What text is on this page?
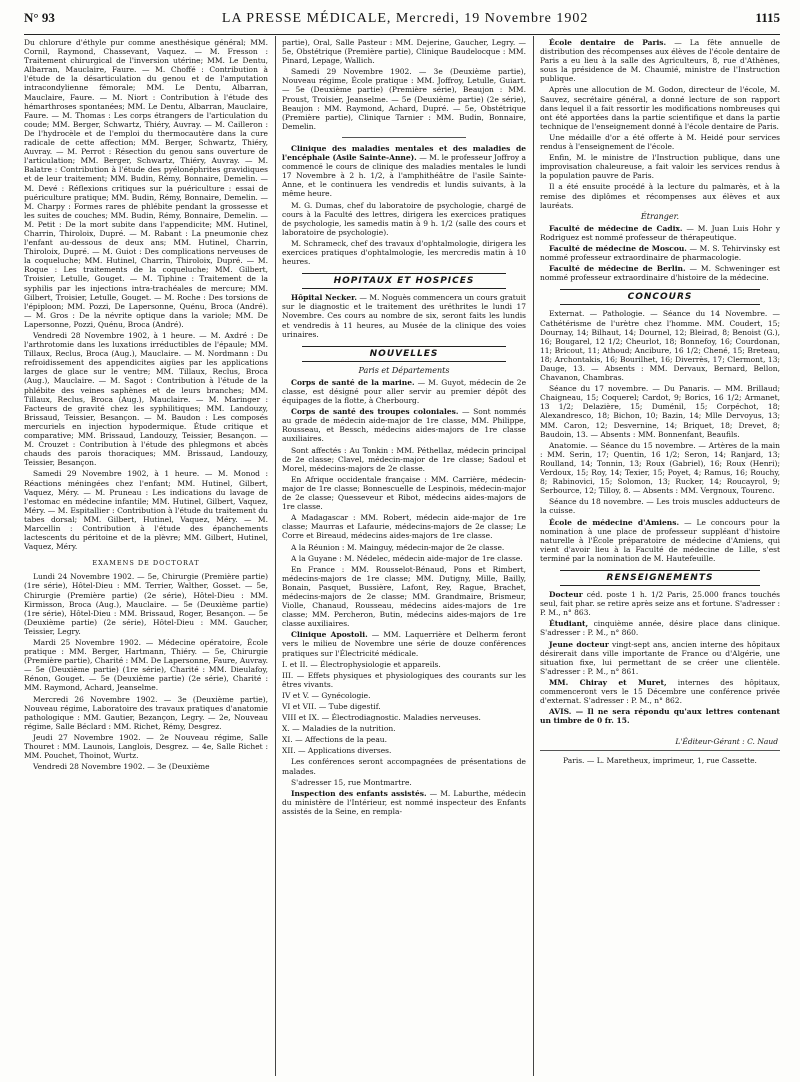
N° 93	LA PRESSE MÉDICALE, Mercredi, 19 Novembre 1902	1115

Du chlorure d'éthyle pur comme anesthésique général; MM. Cornil, Raymond, Chassevant, Vaquez. — M. Fresson : Traitement chirurgical de l'inversion utérine; MM. Le Dentu, Albarran, Mauclaire, Faure. — M. Choffé : Contribution à l'étude de la désarticulation du genou et de l'amputation intracondylienne fémorale; MM. Le Dentu, Albarran, Mauclaire, Faure. — M. Niort : Contribution à l'étude des hémarthroses spontanées; MM. Le Dentu, Albarran, Mauclaire, Faure. — M. Thomas : Les corps étrangers de l'articulation du coude; MM. Berger, Schwartz, Thiéry, Auvray. — M. Cailleron : De l'hydrocèle et de l'emploi du thermocautère dans la cure radicale de cette affection; MM. Berger, Schwartz, Thiéry, Auvray. — M. Perrot : Résection du genou sans ouverture de l'articulation; MM. Berger, Schwartz, Thiéry, Auvray. — M. Balatre : Contribution à l'étude des pyélonéphrites gravidiques et de leur traitement; MM. Budin, Rémy, Bonnaire, Demelin. — M. Devé : Réflexions critiques sur la puériculture : essai de puériculture pratique; MM. Budin, Rémy, Bonnaire, Demelin. — M. Charpy : Formes rares de phlébite pendant la grossesse et les suites de couches; MM. Budin, Rémy, Bonnaire, Demelin. — M. Petit : De la mort subite dans l'appendicite; MM. Hutinel, Charrin, Thiroloix, Dupré. — M. Rabant : La pneumonie chez l'enfant au-dessous de deux ans; MM. Hutinel, Charrin, Thiroloix, Dupré. — M. Guiot : Des complications nerveuses de la coqueluche; MM. Hutinel, Charrin, Thiroloix, Dupré. — M. Roque : Les traitements de la coqueluche; MM. Gilbert, Troisier, Letulle, Gouget. — M. Tiphine : Traitement de la syphilis par les injections intra-trachéales de mercure; MM. Gilbert, Troisier, Letulle, Gouget. — M. Roche : Des torsions de l'épiploon; MM. Pozzi, De Lapersonne, Quénu, Broca (André). — M. Gros : De la névrite optique dans la variole; MM. De Lapersonne, Pozzi, Quénu, Broca (André).

Vendredi 28 Novembre 1902, à 1 heure. — M. Axdré : De l'arthrotomie dans les luxations irréductibles de l'épaule; MM. Tillaux, Reclus, Broca (Aug.), Mauclaire. — M. Nordmann : Du refroidissement des appendicites aigües par les applications larges de glace sur le ventre; MM. Tillaux, Reclus, Broca (Aug.), Mauclaire. — M. Sagot : Contribution à l'étude de la phlébite des veines saphènes et de leurs branches; MM. Tillaux, Reclus, Broca (Aug.), Mauclaire. — M. Maringer : Facteurs de gravité chez les syphilitiques; MM. Landouzy, Brissaud, Teissier, Besançon. — M. Baudon : Les composés mercuriels en injection hypodermique. Étude critique et comparative; MM. Brissaud, Landouzy, Teissier, Besançon. — M. Crouzet : Contribution à l'étude des phlegmons et abcès chauds des parois thoraciques; MM. Brissaud, Landouzy, Teissier, Besançon.

Samedi 29 Novembre 1902, à 1 heure. — M. Monod : Réactions méningées chez l'enfant; MM. Hutinel, Gilbert, Vaquez, Méry. — M. Pruneau : Les indications du lavage de l'estomac en médecine infantile; MM. Hutinel, Gilbert, Vaquez, Méry. — M. Espitallier : Contribution à l'étude du traitement du tabes dorsal; MM. Gilbert, Hutinel, Vaquez, Méry. — M. Marcellin : Contribution à l'étude des épanchements lactescents du péritoine et de la plèvre; MM. Gilbert, Hutinel, Vaquez, Méry.

EXAMENS DE DOCTORAT

Lundi 24 Novembre 1902. — 5e, Chirurgie (Première partie) (1re série), Hôtel-Dieu : MM. Terrier, Walther, Gosset. — 5e, Chirurgie (Première partie) (2e série), Hôtel-Dieu : MM. Kirmisson, Broca (Aug.), Mauclaire. — 5e (Deuxième partie) (1re série), Hôtel-Dieu : MM. Brissaud, Roger, Besançon. — 5e (Deuxième partie) (2e série), Hôtel-Dieu : MM. Gaucher, Teissier, Legry.

Mardi 25 Novembre 1902. — Médecine opératoire, École pratique : MM. Berger, Hartmann, Thiéry. — 5e, Chirurgie (Première partie), Charité : MM. De Lapersonne, Faure, Auvray. — 5e (Deuxième partie) (1re série), Charité : MM. Dieulafoy, Rénon, Gouget. — 5e (Deuxième partie) (2e série), Charité : MM. Raymond, Achard, Jeanselme.

Mercredi 26 Novembre 1902. — 3e (Deuxième partie), Nouveau régime, Laboratoire des travaux pratiques d'anatomie pathologique : MM. Gautier, Bezançon, Legry. — 2e, Nouveau régime, Salle Béclard : MM. Richet, Rémy, Desgrez.

Jeudi 27 Novembre 1902. — 2e Nouveau régime, Salle Thouret : MM. Launois, Langlois, Desgrez. — 4e, Salle Richet : MM. Pouchet, Thoinot, Wurtz.

Vendredi 28 Novembre 1902. — 3e (Deuxième

partie), Oral, Salle Pasteur : MM. Dejerine, Gaucher, Legry. — 5e, Obstétrique (Première partie), Clinique Baudelocque : MM. Pinard, Lepage, Wallich.

Samedi 29 Novembre 1902. — 3e (Deuxième partie), Nouveau régime, École pratique : MM. Joffroy, Letulle, Guiart. — 5e (Deuxième partie) (Première série), Beaujon : MM. Proust, Troisier, Jeanselme. — 5e (Deuxième partie) (2e série), Beaujon : MM. Raymond, Achard, Dupré. — 5e, Obstétrique (Première partie), Clinique Tarnier : MM. Budin, Bonnaire, Demelin.

Clinique des maladies mentales et des maladies de l'encéphale (Asile Sainte-Anne). — M. le professeur Joffroy a commencé le cours de clinique des maladies mentales le lundi 17 Novembre à 2 h. 1/2, à l'amphithéâtre de l'asile Sainte-Anne, et le continuera les vendredis et lundis suivants, à la même heure.

M. G. Dumas, chef du laboratoire de psychologie, chargé de cours à la Faculté des lettres, dirigera les exercices pratiques de psychologie, les samedis matin à 9 h. 1/2 (salle des cours et laboratoire de psychologie).

M. Schrameck, chef des travaux d'ophtalmologie, dirigera les exercices pratiques d'ophtalmologie, les mercredis matin à 10 heures.

HOPITAUX ET HOSPICES

Hôpital Necker. — M. Noguès commencera un cours gratuit sur le diagnostic et le traitement des uréthrites le lundi 17 Novembre. Ces cours au nombre de six, seront faits les lundis et vendredis à 11 heures, au Musée de la clinique des voies urinaires.

NOUVELLES
Paris et Départements

Corps de santé de la marine. — M. Guyot, médecin de 2e classe, est désigné pour aller servir au premier dépôt des équipages de la flotte, à Cherbourg.

Corps de santé des troupes coloniales. — Sont nommés au grade de médecin aide-major de 1re classe, MM. Philippe, Rousseau, et Bessch, médecins aides-majors de 1re classe auxiliaires.

Sont affectés : Au Tonkin : MM. Péthellaz, médecin principal de 2e classe; Clavel, médecin-major de 1re classe; Sadoul et Morel, médecins-majors de 2e classe.

En Afrique occidentale française : MM. Carrière, médecin-major de 1re classe; Bonnescuelle de Lespinois, médecin-major de 2e classe; Quesseveur et Ribot, médecins aides-majors de 1re classe.

A Madagascar : MM. Robert, médecin aide-major de 1re classe; Maurras et Lafaurie, médecins-majors de 2e classe; Le Corre et Bireaud, médecins aides-majors de 1re classe.

A la Réunion : M. Mainguy, médecin-major de 2e classe.

A la Guyane : M. Nédelec, médecin aide-major de 1re classe.

En France : MM. Rousselot-Bénaud, Pons et Rimbert, médecins-majors de 1re classe; MM. Dutigny, Mille, Bailly, Bonain, Pasquet, Bussière, Lafont, Rey, Rague, Brachet, médecins-majors de 2e classe; MM. Grandmaire, Brismeur, Violle, Chanaud, Rousseau, médecins aides-majors de 1re classe; MM. Percheron, Butin, médecins aides-majors de 1re classe auxiliaires.

Clinique Apostoli. — MM. Laquerrière et Delherm feront vers le milieu de Novembre une série de douze conférences pratiques sur l'Électricité médicale.

I. et II. — Électrophysiologie et appareils.

III. — Effets physiques et physiologiques des courants sur les êtres vivants.

IV et V. — Gynécologie.

VI et VII. — Tube digestif.

VIII et IX. — Électrodiagnostic. Maladies nerveuses.

X. — Maladies de la nutrition.

XI. — Affections de la peau.

XII. — Applications diverses.

Les conférences seront accompagnées de présentations de malades.

S'adresser 15, rue Montmartre.

Inspection des enfants assistés. — M. Laburthe, médecin du ministère de l'Intérieur, est nommé inspecteur des Enfants assistés de la Seine, en rempla-

École dentaire de Paris. — La fête annuelle de distribution des récompenses aux élèves de l'école dentaire de Paris a eu lieu à la salle des Agriculteurs, 8, rue d'Athènes, sous la présidence de M. Chaumié, ministre de l'Instruction publique.

Après une allocution de M. Godon, directeur de l'école, M. Sauvez, secrétaire général, a donné lecture de son rapport dans lequel il a fait ressortir les modifications nombreuses qui ont été apportées dans la partie scientifique et dans la partie technique de l'enseignement donné à l'école dentaire de Paris.

Une médaille d'or a été offerte à M. Heidé pour services rendus à l'enseignement de l'école.

Enfin, M. le ministre de l'Instruction publique, dans une improvisation chaleureuse, a fait valoir les services rendus à la population pauvre de Paris.

Il a été ensuite procédé à la lecture du palmarès, et à la remise des diplômes et récompenses aux élèves et aux lauréats.

Étranger.

Faculté de médecine de Cadix. — M. Juan Luis Hohr y Rodriguez est nommé professeur de thérapeutique.

Faculté de médecine de Moscou. — M. S. Tehirvinsky est nommé professeur extraordinaire de pharmacologie.

Faculté de médecine de Berlin. — M. Schweninger est nommé professeur extraordinaire d'histoire de la médecine.

CONCOURS

Externat. — Pathologie. — Séance du 14 Novembre. — Cathétérisme de l'urètre chez l'homme. MM. Coudert, 15; Dournay, 14; Bilhaut, 14; Dournel, 12; Bleirad, 8; Benoist (G.), 16; Bougarel, 12 1/2; Cheurlot, 18; Bonnefoy, 16; Courdonan, 11; Bricout, 11; Athoud; Ancibure, 16 1/2; Chené, 15; Breteau, 18; Archontakis, 16; Bourilhet, 16; Diverrès, 17; Clermont, 13; Dauge, 13. — Absents : MM. Dervaux, Bernard, Bellon, Chavanon, Chambras.

Séance du 17 novembre. — Du Panaris. — MM. Brillaud; Chaigneau, 15; Coquerel; Cardot, 9; Borics, 16 1/2; Armanet, 13 1/2; Delazière, 15; Duménil, 15; Corpéchot, 18; Alexandresco, 18; Bichon, 10; Bazin, 14; Mlle Dervoyus, 13; MM. Caron, 12; Desvernine, 14; Briquet, 18; Drevet, 8; Baudoin, 13. — Absents : MM. Bonnenfant, Beaufils.

Anatomie. — Séance du 15 novembre. — Artères de la main : MM. Serin, 17; Quentin, 16 1/2; Seron, 14; Ranjard, 13; Roulland, 14; Tonnin, 13; Roux (Gabriel), 16; Roux (Henri); Verdoux, 15; Roy, 14; Texier, 15; Poyet, 4; Ramus, 16; Rouchy, 8; Rabinovici, 15; Solomon, 13; Rucker, 14; Roucayrol, 9; Serbource, 12; Tilloy, 8. — Absents : MM. Vergnoux, Tourenc.

Séance du 18 novembre. — Les trois muscles adducteurs de la cuisse.

École de médecine d'Amiens. — Le concours pour la nomination à une place de professeur suppléant d'histoire naturelle à l'École préparatoire de médecine d'Amiens, qui vient d'avoir lieu à la Faculté de médecine de Lille, s'est terminé par la nomination de M. Hautefeuille.

RENSEIGNEMENTS

Docteur céd. poste 1 h. 1/2 Paris, 25.000 francs touchés seul, fait phar. se retire après seize ans et fortune. S'adresser : P. M., n° 863.

Étudiant, cinquième année, désire place dans clinique. S'adresser : P. M., n° 860.

Jeune docteur vingt-sept ans, ancien interne des hôpitaux désirerait dans ville importante de France ou d'Algérie, une situation fixe, lui permettant de se créer une clientèle. S'adresser : P. M., n° 861.

MM. Chiray et Muret, internes des hôpitaux, commenceront vers le 15 Décembre une conférence privée d'externat. S'adresser : P. M., n° 862.

AVIS. — Il ne sera répondu qu'aux lettres contenant un timbre de 0 fr. 15.

L'Éditeur-Gérant : C. Naud
Paris. — L. Maretheux, imprimeur, 1, rue Cassette.
